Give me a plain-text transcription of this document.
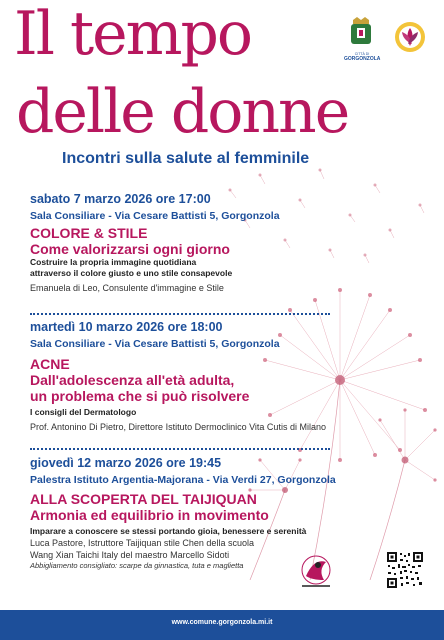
Il tempo
delle donne
Incontri sulla salute al femminile
CITTÀ DI
GORGONZOLA
sabato 7 marzo 2026 ore 17:00
Sala Consiliare - Via Cesare Battisti 5, Gorgonzola
COLORE & STILE
Come valorizzarsi ogni giorno
Costruire la propria immagine quotidiana
attraverso il colore giusto e uno stile consapevole
Emanuela di Leo, Consulente d'immagine e Stile
martedì 10 marzo 2026 ore 18:00
Sala Consiliare - Via Cesare Battisti 5, Gorgonzola
ACNE
Dall'adolescenza all'età adulta,
un problema che si può risolvere
I consigli del Dermatologo
Prof. Antonino Di Pietro, Direttore Istituto Dermoclinico Vita Cutis di Milano
giovedì 12 marzo 2026 ore 19:45
Palestra Istituto Argentia-Majorana - Via Verdi 27, Gorgonzola
ALLA SCOPERTA DEL TAIJIQUAN
Armonia ed equilibrio in movimento
Imparare a conoscere se stessi portando gioia, benessere e serenità
Luca Pastore, Istruttore Taijiquan stile Chen della scuola
Wang Xian Taichi Italy del maestro Marcello Sidoti
Abbigliamento consigliato: scarpe da ginnastica, tuta e maglietta
www.comune.gorgonzola.mi.it
